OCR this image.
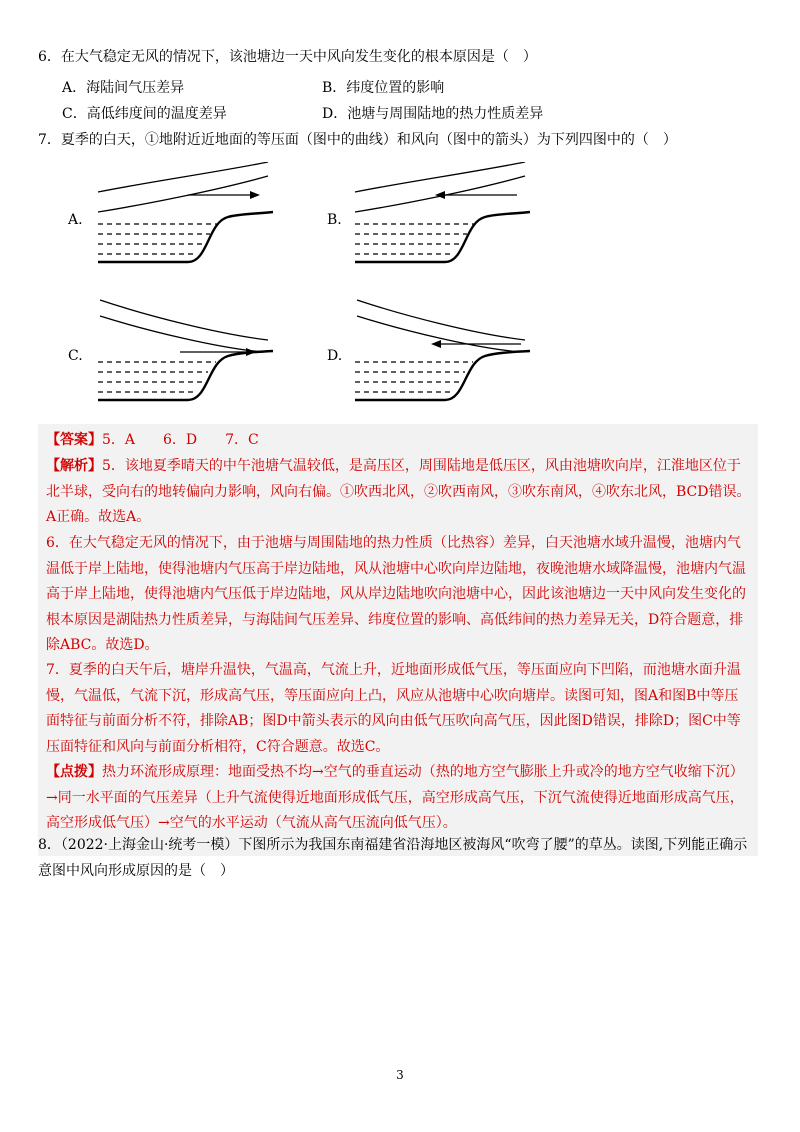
6．在大气稳定无风的情况下，该池塘边一天中风向发生变化的根本原因是（　）
A．海陆间气压差异	B．纬度位置的影响
C．高低纬度间的温度差异	D．池塘与周围陆地的热力性质差异
7．夏季的白天，①地附近近地面的等压面（图中的曲线）和风向（图中的箭头）为下列四图中的（　）
A.	B.
C.	D.
【答案】5．A　　6．D　　7．C
【解析】5．该地夏季晴天的中午池塘气温较低，是高压区，周围陆地是低压区，风由池塘吹向岸，江淮地区位于北半球，受向右的地转偏向力影响，风向右偏。①吹西北风，②吹西南风，③吹东南风，④吹东北风，BCD错误。A正确。故选A。
6．在大气稳定无风的情况下，由于池塘与周围陆地的热力性质（比热容）差异，白天池塘水域升温慢，池塘内气温低于岸上陆地，使得池塘内气压高于岸边陆地，风从池塘中心吹向岸边陆地，夜晚池塘水域降温慢，池塘内气温高于岸上陆地，使得池塘内气压低于岸边陆地，风从岸边陆地吹向池塘中心，因此该池塘边一天中风向发生变化的根本原因是湖陆热力性质差异，与海陆间气压差异、纬度位置的影响、高低纬间的热力差异无关，D符合题意，排除ABC。故选D。
7．夏季的白天午后，塘岸升温快，气温高，气流上升，近地面形成低气压，等压面应向下凹陷，而池塘水面升温慢，气温低，气流下沉，形成高气压，等压面应向上凸，风应从池塘中心吹向塘岸。读图可知，图A和图B中等压面特征与前面分析不符，排除AB；图D中箭头表示的风向由低气压吹向高气压，因此图D错误，排除D；图C中等压面特征和风向与前面分析相符，C符合题意。故选C。
【点拨】热力环流形成原理：地面受热不均→空气的垂直运动（热的地方空气膨胀上升或冷的地方空气收缩下沉）→同一水平面的气压差异（上升气流使得近地面形成低气压，高空形成高气压，下沉气流使得近地面形成高气压，高空形成低气压）→空气的水平运动（气流从高气压流向低气压）。
8．（2022·上海金山·统考一模）下图所示为我国东南福建省沿海地区被海风“吹弯了腰”的草丛。读图,下列能正确示意图中风向形成原因的是（　）
3
